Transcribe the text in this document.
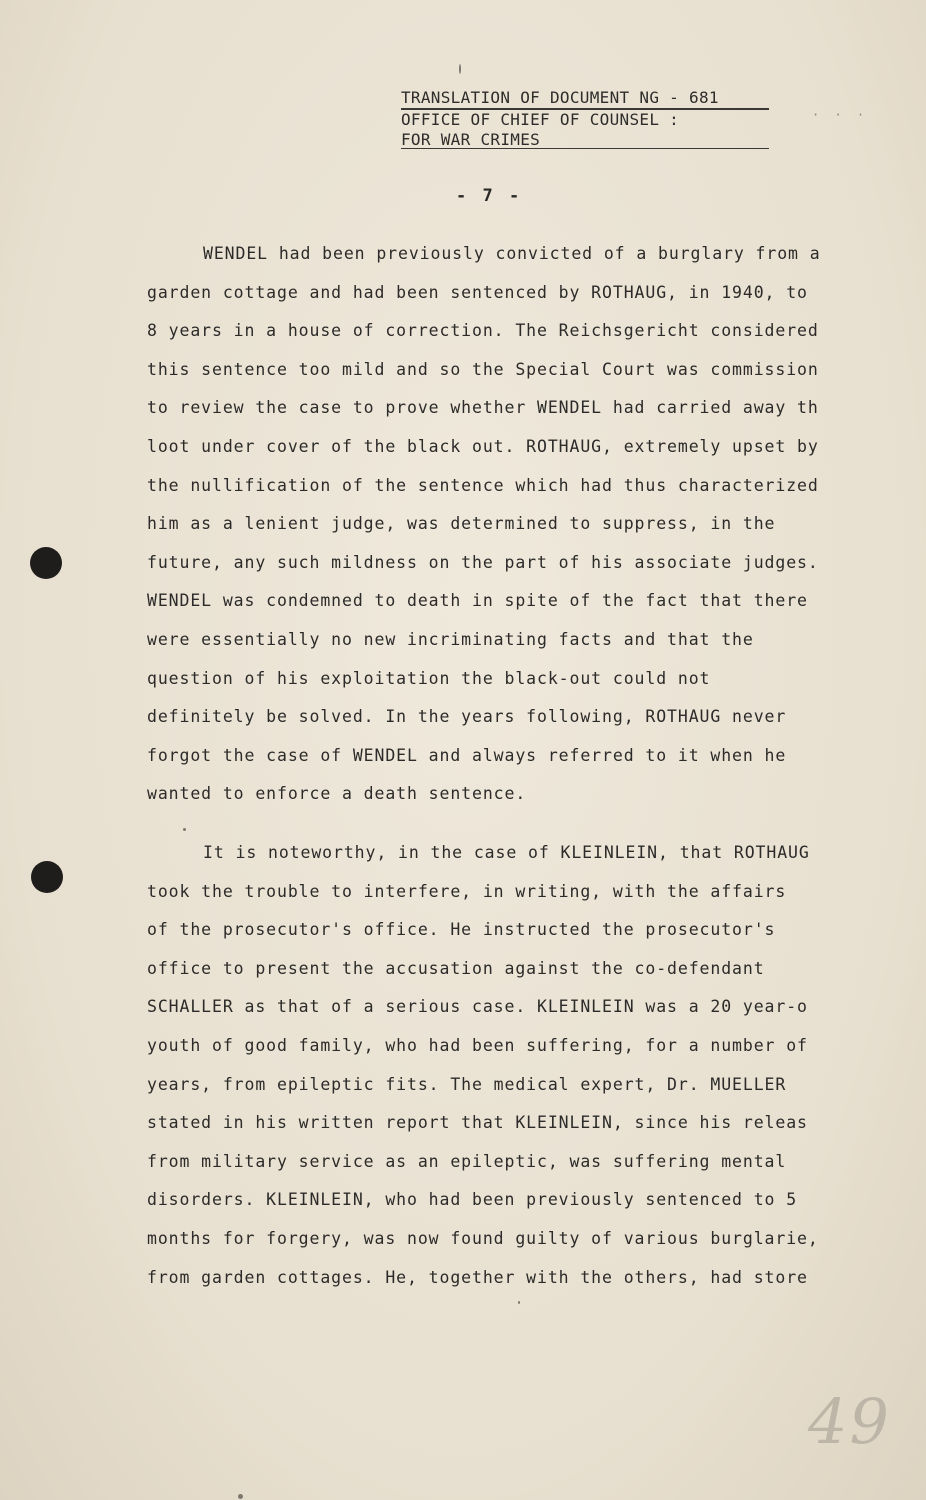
TRANSLATION OF DOCUMENT NG - 681
OFFICE OF CHIEF OF COUNSEL :
FOR WAR CRIMES
· · ·
- 7 -
WENDEL had been previously convicted of a burglary from a
garden cottage and had been sentenced by ROTHAUG, in 1940, to
8 years in a house of correction. The Reichsgericht considered
this sentence too mild and so the Special Court was commission
to review the case to prove whether WENDEL had carried away th
loot under cover of the black out. ROTHAUG, extremely upset by
the nullification of the sentence which had thus characterized
him as a lenient judge, was determined to suppress, in the
future, any such mildness on the part of his associate judges.
WENDEL was condemned to death in spite of the fact that there
were essentially no new incriminating facts and that the
question of his exploitation the black-out could not
definitely be solved. In the years following, ROTHAUG never
forgot the case of WENDEL and always referred to it when he
wanted to enforce a death sentence.
It is noteworthy, in the case of KLEINLEIN, that ROTHAUG
took the trouble to interfere, in writing, with the affairs
of the prosecutor's office. He instructed the prosecutor's
office to present the accusation against the co-defendant
SCHALLER as that of a serious case. KLEINLEIN was a 20 year-o
youth of good family, who had been suffering, for a number of
years, from epileptic fits. The medical expert, Dr. MUELLER
stated in his written report that KLEINLEIN, since his releas
from military service as an epileptic, was suffering mental
disorders. KLEINLEIN, who had been previously sentenced to 5
months for forgery, was now found guilty of various burglarie,
from garden cottages. He, together with the others, had store
49
